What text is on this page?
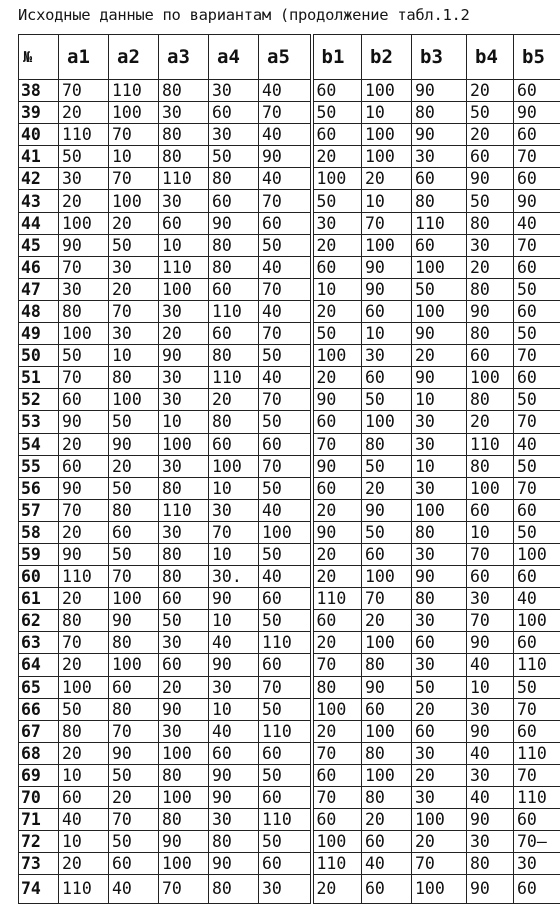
Исходные данные по вариантам (продолжение табл.1.2
№	a1	a2	a3	a4	a5	b1	b2	b3	b4	b5
38	70	110	80	30	40	60	100	90	20	60
39	20	100	30	60	70	50	10	80	50	90
40	110	70	80	30	40	60	100	90	20	60
41	50	10	80	50	90	20	100	30	60	70
42	30	70	110	80	40	100	20	60	90	60
43	20	100	30	60	70	50	10	80	50	90
44	100	20	60	90	60	30	70	110	80	40
45	90	50	10	80	50	20	100	60	30	70
46	70	30	110	80	40	60	90	100	20	60
47	30	20	100	60	70	10	90	50	80	50
48	80	70	30	110	40	20	60	100	90	60
49	100	30	20	60	70	50	10	90	80	50
50	50	10	90	80	50	100	30	20	60	70
51	70	80	30	110	40	20	60	90	100	60
52	60	100	30	20	70	90	50	10	80	50
53	90	50	10	80	50	60	100	30	20	70
54	20	90	100	60	60	70	80	30	110	40
55	60	20	30	100	70	90	50	10	80	50
56	90	50	80	10	50	60	20	30	100	70
57	70	80	110	30	40	20	90	100	60	60
58	20	60	30	70	100	90	50	80	10	50
59	90	50	80	10	50	20	60	30	70	100
60	110	70	80	30.	40	20	100	90	60	60
61	20	100	60	90	60	110	70	80	30	40
62	80	90	50	10	50	60	20	30	70	100
63	70	80	30	40	110	20	100	60	90	60
64	20	100	60	90	60	70	80	30	40	110
65	100	60	20	30	70	80	90	50	10	50
66	50	80	90	10	50	100	60	20	30	70
67	80	70	30	40	110	20	100	60	90	60
68	20	90	100	60	60	70	80	30	40	110
69	10	50	80	90	50	60	100	20	30	70
70	60	20	100	90	60	70	80	30	40	110
71	40	70	80	30	110	60	20	100	90	60
72	10	50	90	80	50	100	60	20	30	70–
73	20	60	100	90	60	110	40	70	80	30
74	110	40	70	80	30	20	60	100	90	60
